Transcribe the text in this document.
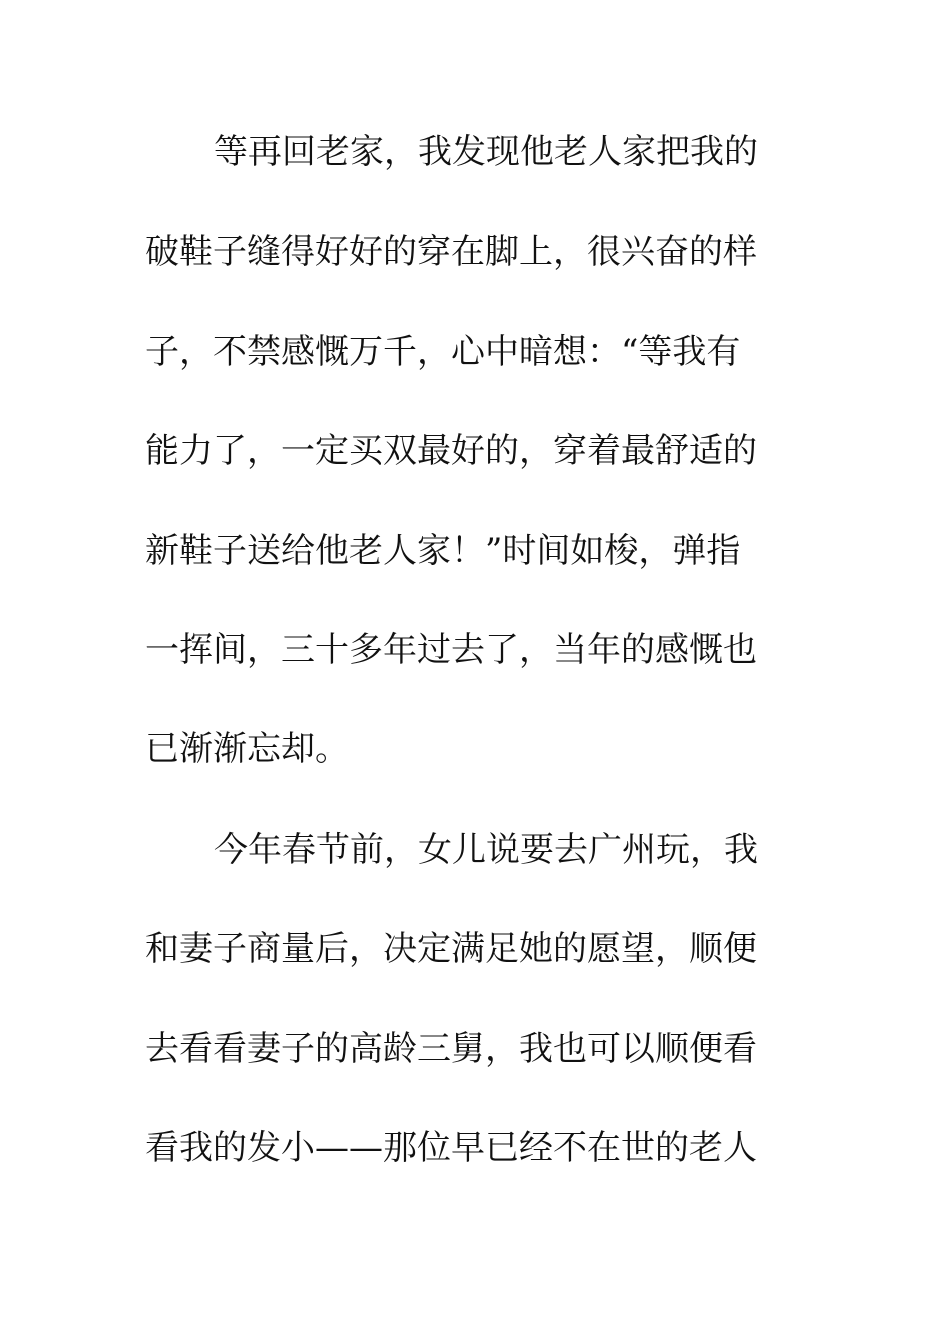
等再回老家，我发现他老人家把我的
破鞋子缝得好好的穿在脚上，很兴奋的样
子，不禁感慨万千，心中暗想：“等我有
能力了，一定买双最好的，穿着最舒适的
新鞋子送给他老人家！”时间如梭，弹指
一挥间，三十多年过去了，当年的感慨也
已渐渐忘却。
今年春节前，女儿说要去广州玩，我
和妻子商量后，决定满足她的愿望，顺便
去看看妻子的高龄三舅，我也可以顺便看
看我的发小——那位早已经不在世的老人
